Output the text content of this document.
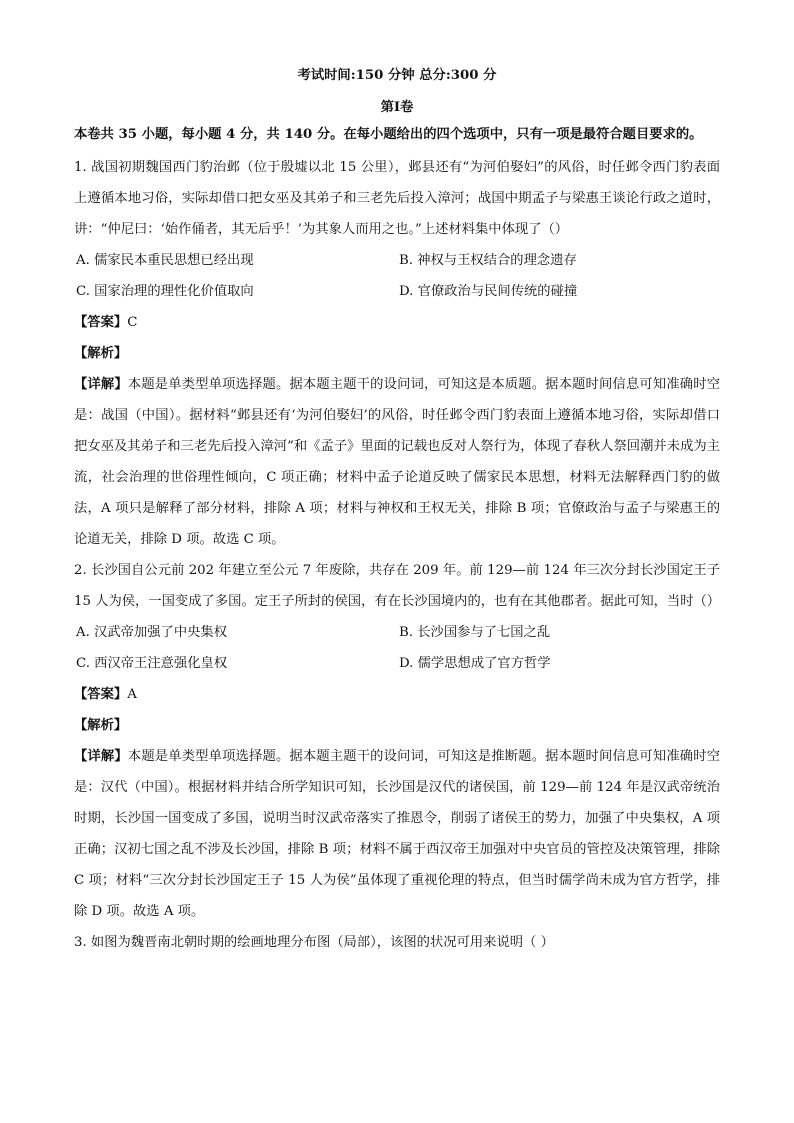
考试时间:150 分钟 总分:300 分
第Ⅰ卷
本卷共 35 小题，每小题 4 分，共 140 分。在每小题给出的四个选项中，只有一项是最符合题目要求的。
1. 战国初期魏国西门豹治邺（位于殷墟以北 15 公里），邺县还有“为河伯娶妇”的风俗，时任邺令西门豹表面上遵循本地习俗，实际却借口把女巫及其弟子和三老先后投入漳河；战国中期孟子与梁惠王谈论行政之道时，讲：“仲尼曰：‘始作俑者，其无后乎！’为其象人而用之也。”上述材料集中体现了（）
A. 儒家民本重民思想已经出现	B. 神权与王权结合的理念遗存
C. 国家治理的理性化价值取向	D. 官僚政治与民间传统的碰撞
【答案】C
【解析】
【详解】本题是单类型单项选择题。据本题主题干的设问词，可知这是本质题。据本题时间信息可知准确时空是：战国（中国）。据材料“邺县还有‘为河伯娶妇’的风俗，时任邺令西门豹表面上遵循本地习俗，实际却借口把女巫及其弟子和三老先后投入漳河”和《孟子》里面的记载也反对人祭行为，体现了春秋人祭回潮并未成为主流，社会治理的世俗理性倾向，C 项正确；材料中孟子论道反映了儒家民本思想，材料无法解释西门豹的做法，A 项只是解释了部分材料，排除 A 项；材料与神权和王权无关，排除 B 项；官僚政治与孟子与梁惠王的论道无关，排除 D 项。故选 C 项。
2. 长沙国自公元前 202 年建立至公元 7 年废除，共存在 209 年。前 129—前 124 年三次分封长沙国定王子 15 人为侯，一国变成了多国。定王子所封的侯国，有在长沙国境内的，也有在其他郡者。据此可知，当时（）
A. 汉武帝加强了中央集权	B. 长沙国参与了七国之乱
C. 西汉帝王注意强化皇权	D. 儒学思想成了官方哲学
【答案】A
【解析】
【详解】本题是单类型单项选择题。据本题主题干的设问词，可知这是推断题。据本题时间信息可知准确时空是：汉代（中国）。根据材料并结合所学知识可知，长沙国是汉代的诸侯国，前 129—前 124 年是汉武帝统治时期，长沙国一国变成了多国，说明当时汉武帝落实了推恩令，削弱了诸侯王的势力，加强了中央集权，A 项正确；汉初七国之乱不涉及长沙国，排除 B 项；材料不属于西汉帝王加强对中央官员的管控及决策管理，排除 C 项；材料“三次分封长沙国定王子 15 人为侯”虽体现了重视伦理的特点，但当时儒学尚未成为官方哲学，排除 D 项。故选 A 项。
3. 如图为魏晋南北朝时期的绘画地理分布图（局部），该图的状况可用来说明（ ）
